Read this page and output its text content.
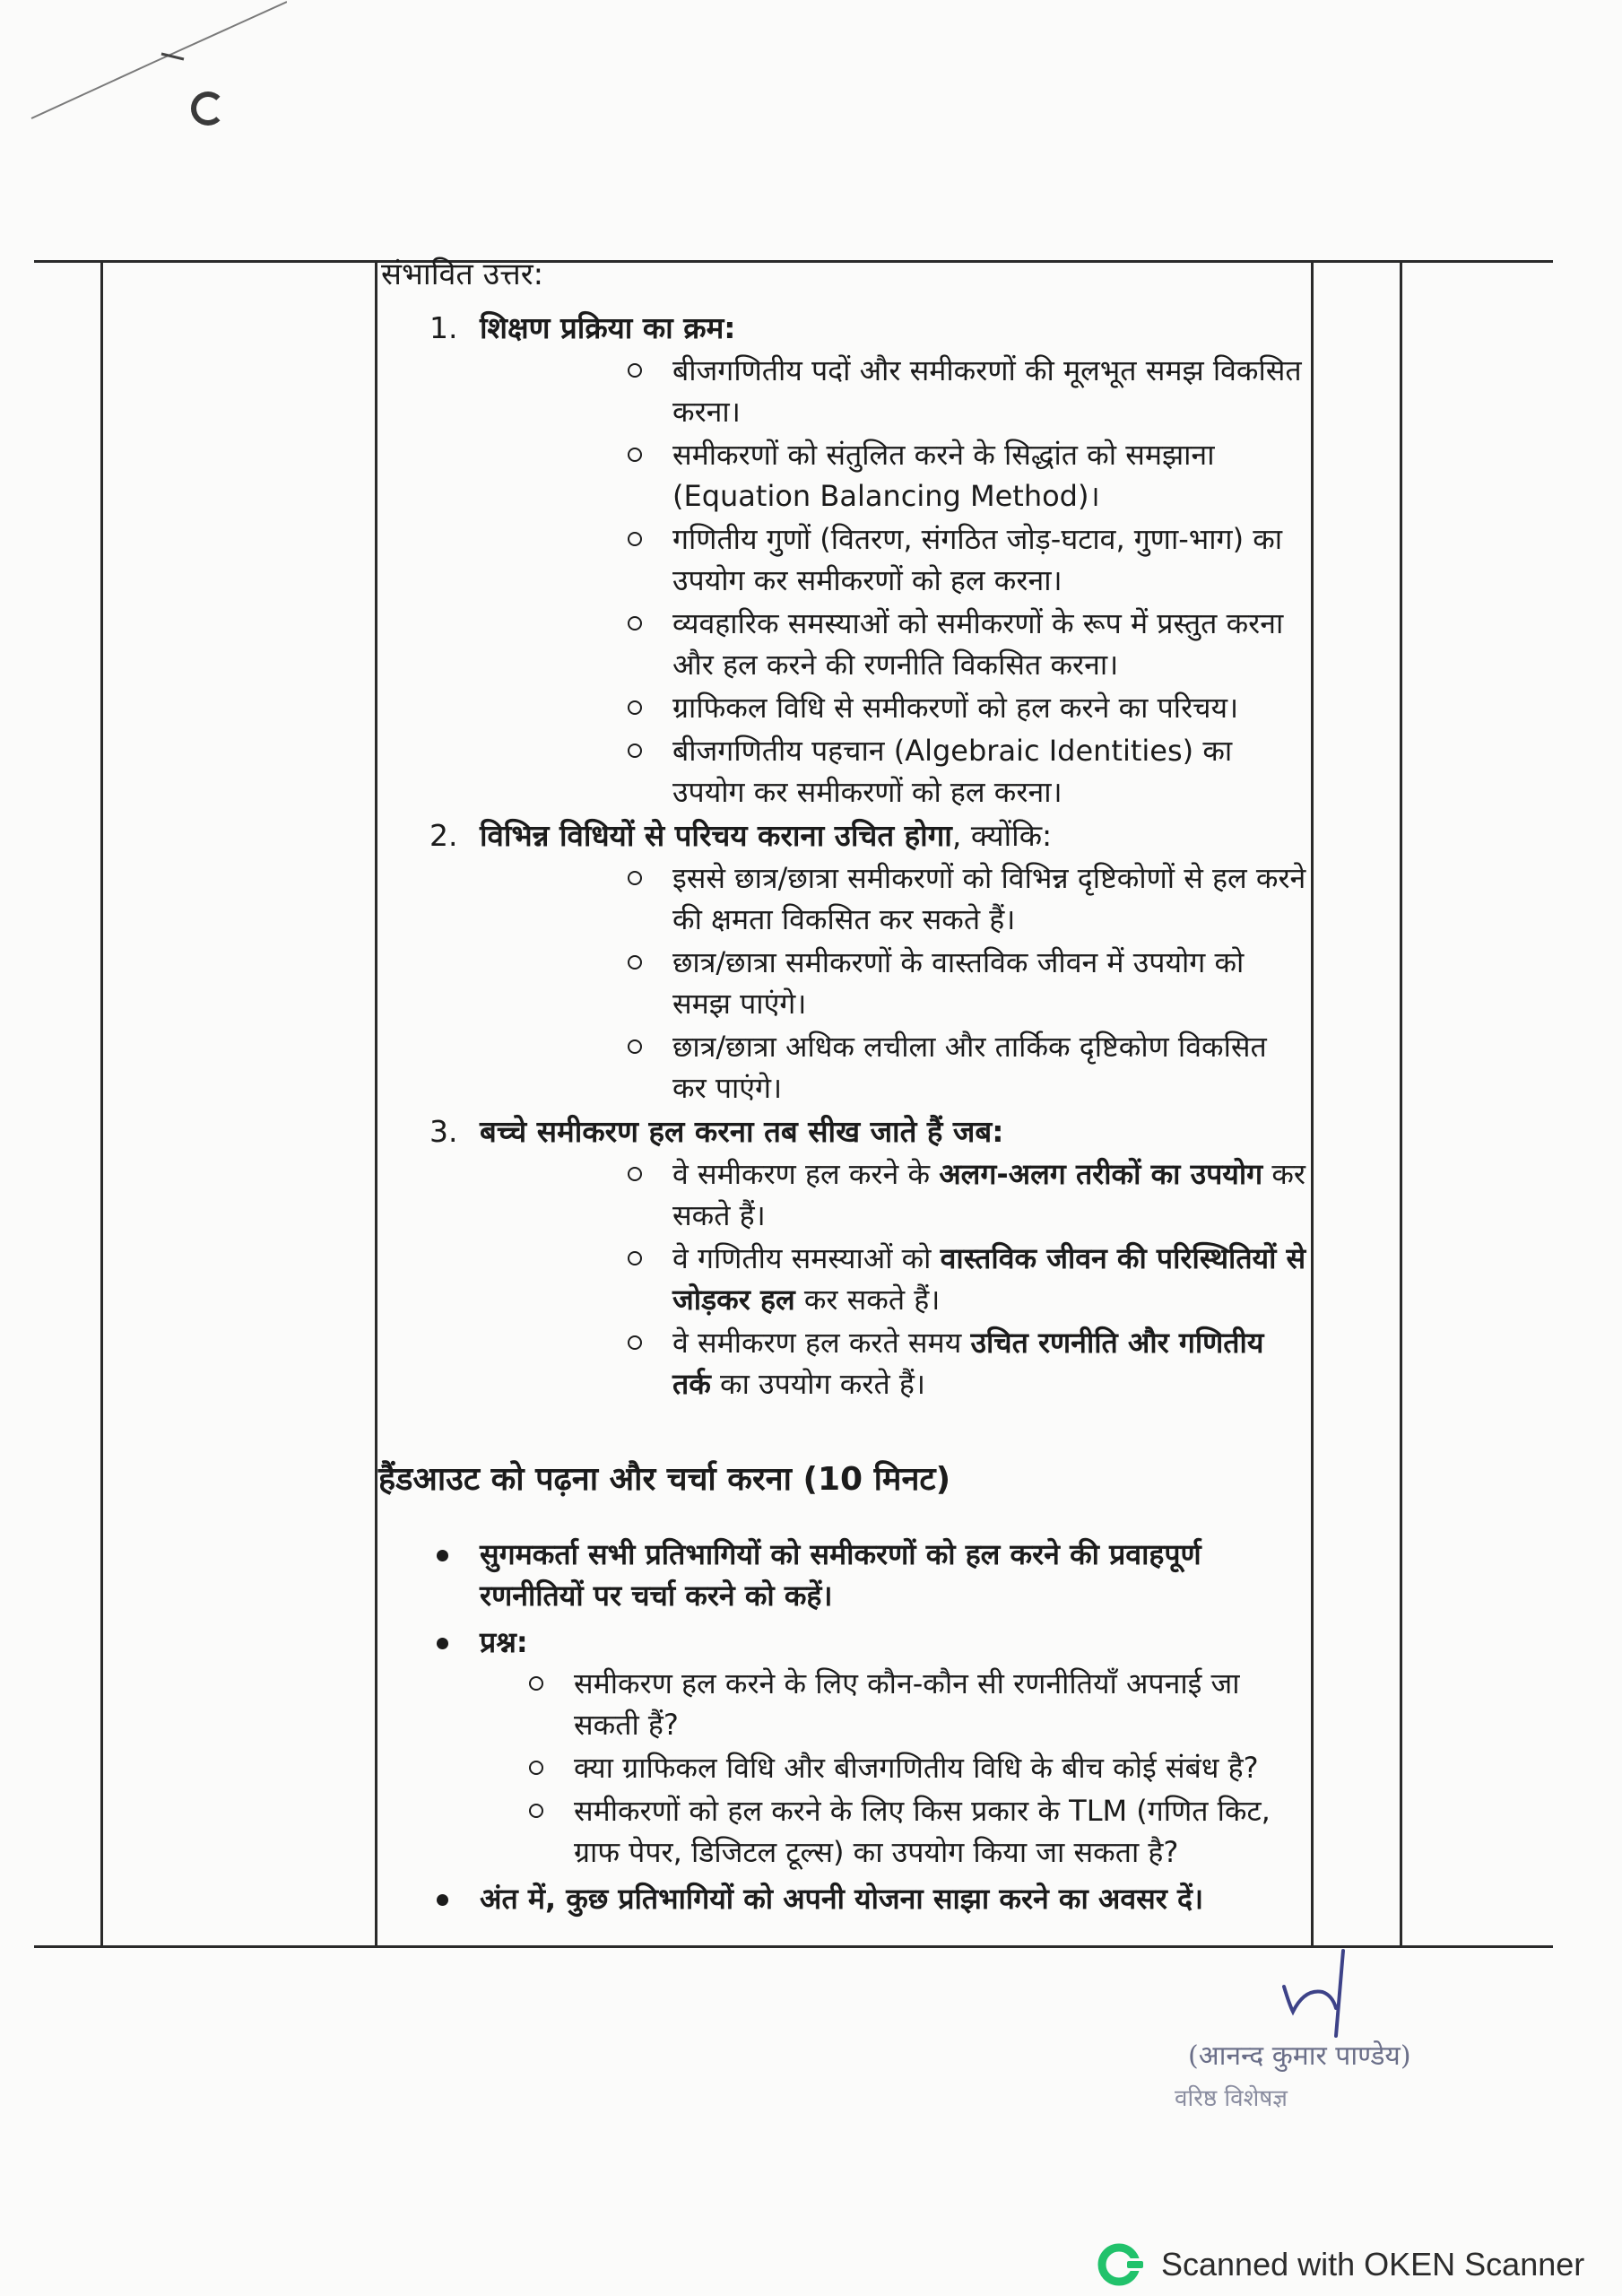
संभावित उत्तर:
1. शिक्षण प्रक्रिया का क्रम:
बीजगणितीय पदों और समीकरणों की मूलभूत समझ विकसित करना।
समीकरणों को संतुलित करने के सिद्धांत को समझाना (Equation Balancing Method)।
गणितीय गुणों (वितरण, संगठित जोड़-घटाव, गुणा-भाग) का उपयोग कर समीकरणों को हल करना।
व्यवहारिक समस्याओं को समीकरणों के रूप में प्रस्तुत करना और हल करने की रणनीति विकसित करना।
ग्राफिकल विधि से समीकरणों को हल करने का परिचय।
बीजगणितीय पहचान (Algebraic Identities) का उपयोग कर समीकरणों को हल करना।
2. विभिन्न विधियों से परिचय कराना उचित होगा, क्योंकि:
इससे छात्र/छात्रा समीकरणों को विभिन्न दृष्टिकोणों से हल करने की क्षमता विकसित कर सकते हैं।
छात्र/छात्रा समीकरणों के वास्तविक जीवन में उपयोग को समझ पाएंगे।
छात्र/छात्रा अधिक लचीला और तार्किक दृष्टिकोण विकसित कर पाएंगे।
3. बच्चे समीकरण हल करना तब सीख जाते हैं जब:
वे समीकरण हल करने के अलग-अलग तरीकों का उपयोग कर सकते हैं।
वे गणितीय समस्याओं को वास्तविक जीवन की परिस्थितियों से जोड़कर हल कर सकते हैं।
वे समीकरण हल करते समय उचित रणनीति और गणितीय तर्क का उपयोग करते हैं।
हैंडआउट को पढ़ना और चर्चा करना (10 मिनट)
सुगमकर्ता सभी प्रतिभागियों को समीकरणों को हल करने की प्रवाहपूर्ण रणनीतियों पर चर्चा करने को कहें।
प्रश्न:
समीकरण हल करने के लिए कौन-कौन सी रणनीतियाँ अपनाई जा सकती हैं?
क्या ग्राफिकल विधि और बीजगणितीय विधि के बीच कोई संबंध है?
समीकरणों को हल करने के लिए किस प्रकार के TLM (गणित किट, ग्राफ पेपर, डिजिटल टूल्स) का उपयोग किया जा सकता है?
अंत में, कुछ प्रतिभागियों को अपनी योजना साझा करने का अवसर दें।
(आनन्द कुमार पाण्डेय)
वरिष्ठ विशेषज्ञ
Scanned with OKEN Scanner
